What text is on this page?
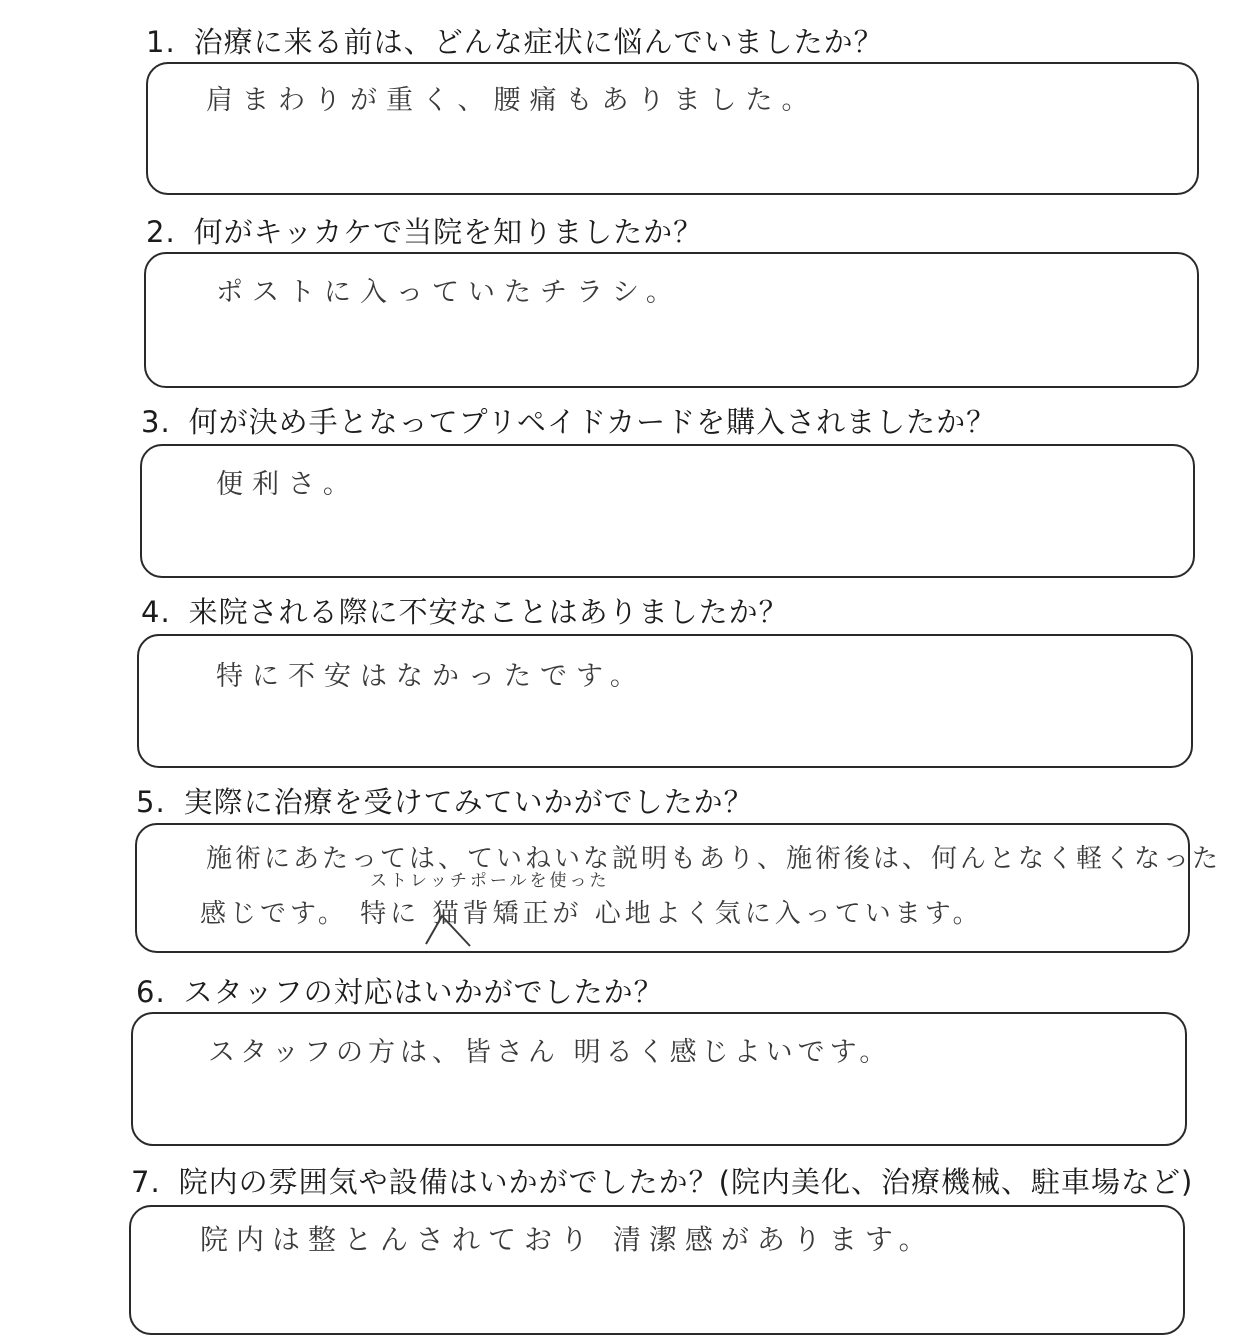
1. 治療に来る前は、どんな症状に悩んでいましたか？
肩まわりが重く、腰痛もありました。
2. 何がキッカケで当院を知りましたか？
ポストに入っていたチラシ。
3. 何が決め手となってプリペイドカードを購入されましたか？
便利さ。
4. 来院される際に不安なことはありましたか？
特に不安はなかったです。
5. 実際に治療を受けてみていかがでしたか？
施術にあたっては、ていねいな説明もあり、施術後は、何んとなく軽くなった
ストレッチポールを使った
感じです。 特に 猫背矯正が 心地よく気に入っています。
6. スタッフの対応はいかがでしたか？
スタッフの方は、皆さん 明るく感じよいです。
7. 院内の雰囲気や設備はいかがでしたか？(院内美化、治療機械、駐車場など)
院内は整とんされており 清潔感があります。
